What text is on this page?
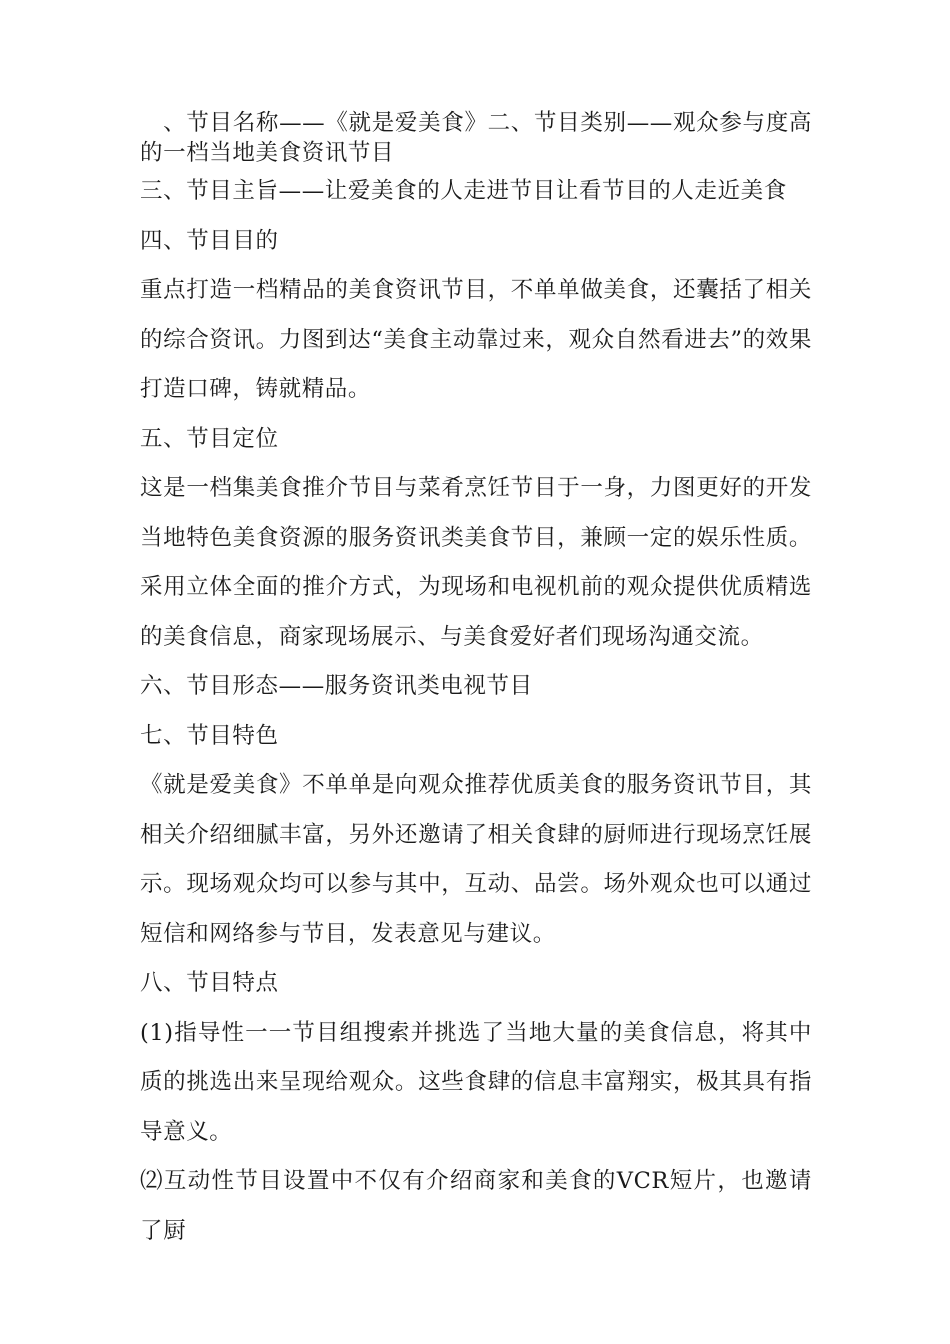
　、节目名称——《就是爱美食》二、节目类别——观众参与度高的一档当地美食资讯节目

三、节目主旨——让爱美食的人走进节目让看节目的人走近美食

四、节目目的

重点打造一档精品的美食资讯节目，不单单做美食，还囊括了相关的综合资讯。力图到达“美食主动靠过来，观众自然看进去”的效果打造口碑，铸就精品。

五、节目定位

这是一档集美食推介节目与菜肴烹饪节目于一身，力图更好的开发当地特色美食资源的服务资讯类美食节目，兼顾一定的娱乐性质。采用立体全面的推介方式，为现场和电视机前的观众提供优质精选的美食信息，商家现场展示、与美食爱好者们现场沟通交流。

六、节目形态——服务资讯类电视节目

七、节目特色

《就是爱美食》不单单是向观众推荐优质美食的服务资讯节目，其相关介绍细腻丰富，另外还邀请了相关食肆的厨师进行现场烹饪展示。现场观众均可以参与其中，互动、品尝。场外观众也可以通过短信和网络参与节目，发表意见与建议。

八、节目特点

(1)指导性一一节目组搜索并挑选了当地大量的美食信息，将其中质的挑选出来呈现给观众。这些食肆的信息丰富翔实，极其具有指导意义。

⑵互动性节目设置中不仅有介绍商家和美食的VCR短片，也邀请了厨
